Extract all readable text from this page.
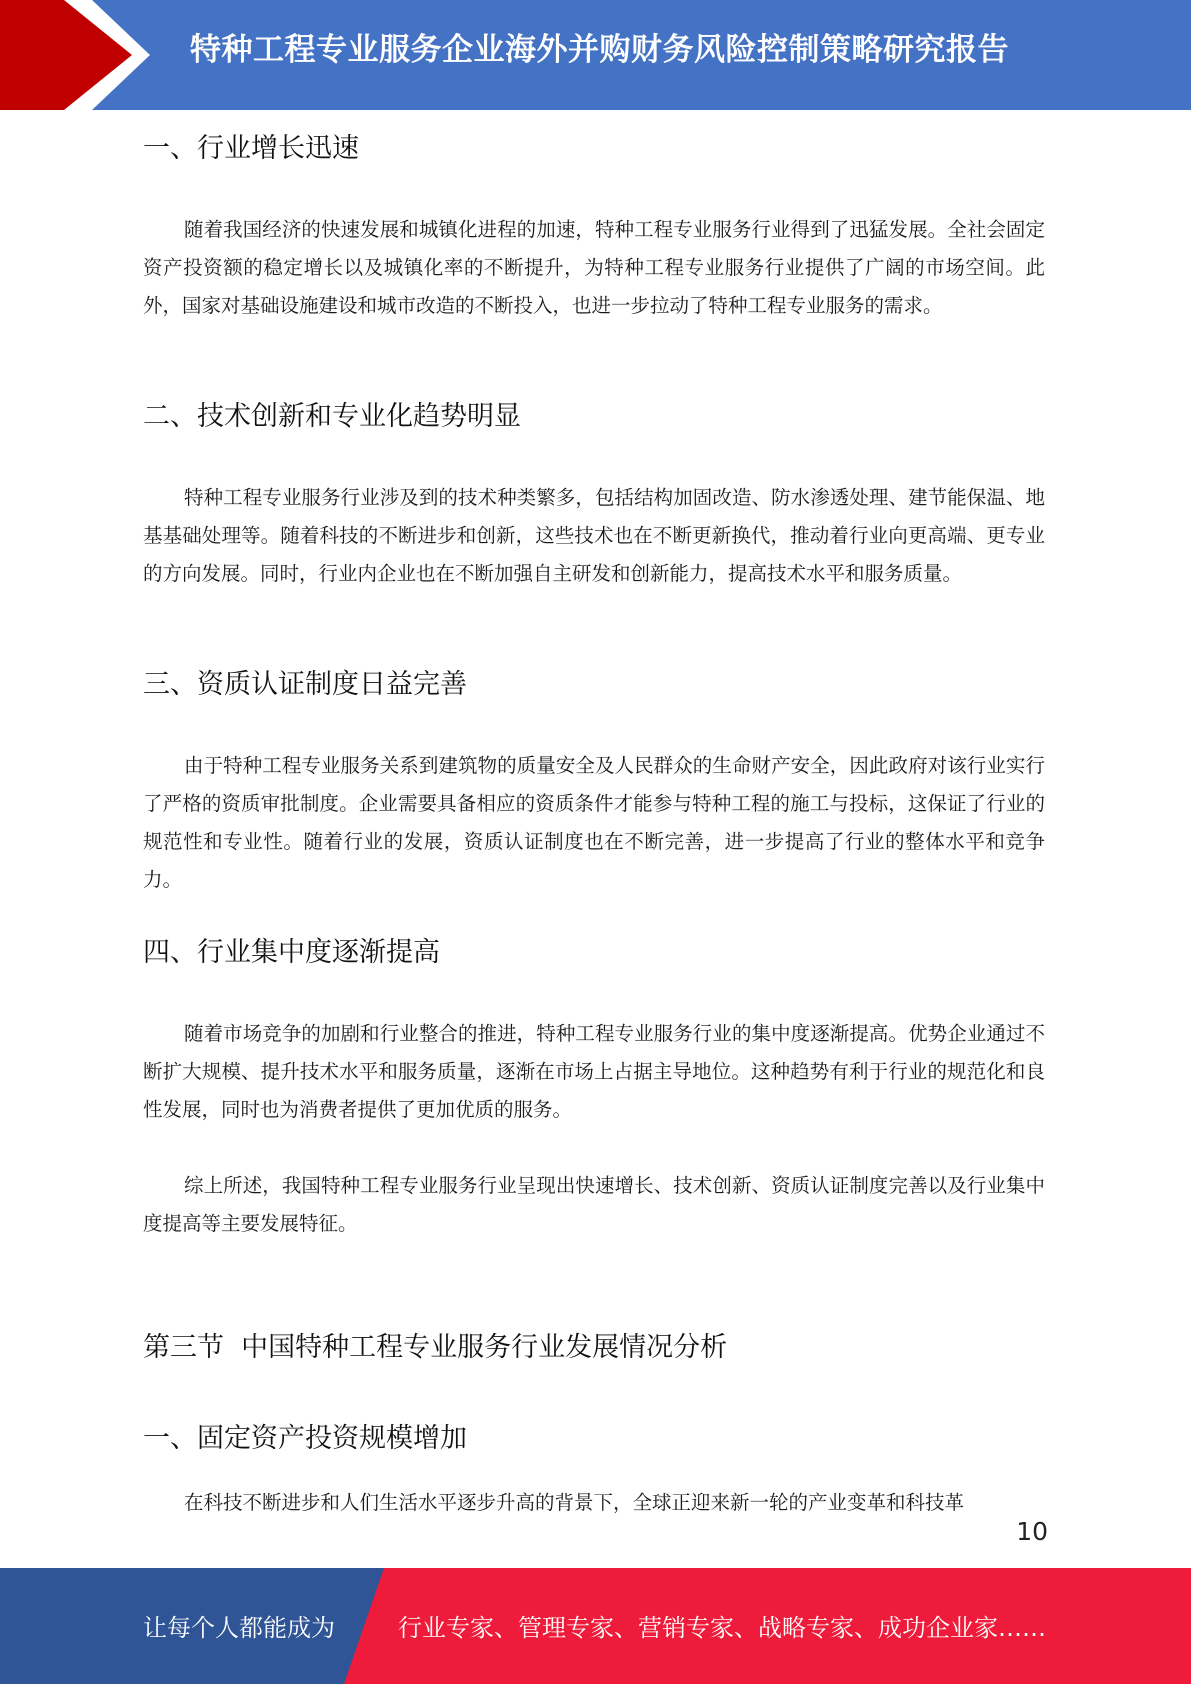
特种工程专业服务企业海外并购财务风险控制策略研究报告
一、行业增长迅速
随着我国经济的快速发展和城镇化进程的加速，特种工程专业服务行业得到了迅猛发展。全社会固定资产投资额的稳定增长以及城镇化率的不断提升，为特种工程专业服务行业提供了广阔的市场空间。此外，国家对基础设施建设和城市改造的不断投入，也进一步拉动了特种工程专业服务的需求。
二、技术创新和专业化趋势明显
特种工程专业服务行业涉及到的技术种类繁多，包括结构加固改造、防水渗透处理、建节能保温、地基基础处理等。随着科技的不断进步和创新，这些技术也在不断更新换代，推动着行业向更高端、更专业的方向发展。同时，行业内企业也在不断加强自主研发和创新能力，提高技术水平和服务质量。
三、资质认证制度日益完善
由于特种工程专业服务关系到建筑物的质量安全及人民群众的生命财产安全，因此政府对该行业实行了严格的资质审批制度。企业需要具备相应的资质条件才能参与特种工程的施工与投标，这保证了行业的规范性和专业性。随着行业的发展，资质认证制度也在不断完善，进一步提高了行业的整体水平和竞争力。
四、行业集中度逐渐提高
随着市场竞争的加剧和行业整合的推进，特种工程专业服务行业的集中度逐渐提高。优势企业通过不断扩大规模、提升技术水平和服务质量，逐渐在市场上占据主导地位。这种趋势有利于行业的规范化和良性发展，同时也为消费者提供了更加优质的服务。
综上所述，我国特种工程专业服务行业呈现出快速增长、技术创新、资质认证制度完善以及行业集中度提高等主要发展特征。
第三节  中国特种工程专业服务行业发展情况分析
一、固定资产投资规模增加
在科技不断进步和人们生活水平逐步升高的背景下，全球正迎来新一轮的产业变革和科技革
10
让每个人都能成为	行业专家、管理专家、营销专家、战略专家、成功企业家……
